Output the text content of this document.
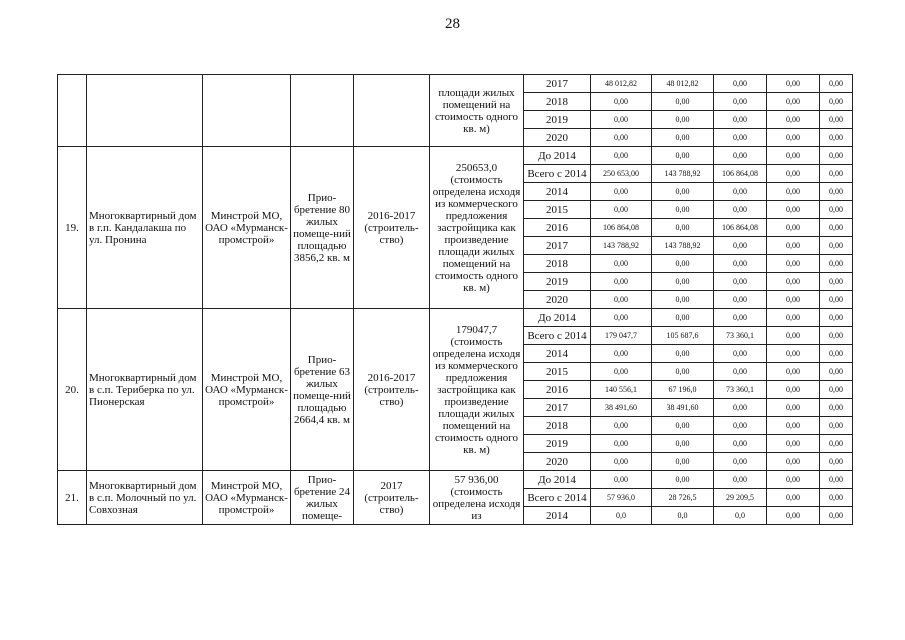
28
					площади жилых помещений на стоимость одного кв. м)	2017	48 012,82	48 012,82	0,00	0,00	0,00	
						2018	0,00	0,00	0,00	0,00	0,00	
						2019	0,00	0,00	0,00	0,00	0,00	
						2020	0,00	0,00	0,00	0,00	0,00	
19.	Многоквартирный дом в г.п. Кандалакша по ул. Пронина	Минстрой МО, ОАО «Мурманск-промстрой»	Прио-бретение 80 жилых помеще-ний площадью 3856,2 кв. м	2016-2017 (строитель-ство)	250653,0 (стоимость определена исходя из коммерческого предложения застройщика как произведение площади жилых помещений на стоимость одного кв. м)	До 2014	0,00	0,00	0,00	0,00	0,00	
						Всего с 2014	250 653,00	143 788,92	106 864,08	0,00	0,00	
						2014	0,00	0,00	0,00	0,00	0,00	
						2015	0,00	0,00	0,00	0,00	0,00	
						2016	106 864,08	0,00	106 864,08	0,00	0,00	
						2017	143 788,92	143 788,92	0,00	0,00	0,00	
						2018	0,00	0,00	0,00	0,00	0,00	
						2019	0,00	0,00	0,00	0,00	0,00	
						2020	0,00	0,00	0,00	0,00	0,00	
20.	Многоквартирный дом в с.п. Териберка по ул. Пионерская	Минстрой МО, ОАО «Мурманск-промстрой»	Прио-бретение 63 жилых помеще-ний площадью 2664,4 кв. м	2016-2017 (строитель-ство)	179047,7 (стоимость определена исходя из коммерческого предложения застройщика как произведение площади жилых помещений на стоимость одного кв. м)	До 2014	0,00	0,00	0,00	0,00	0,00	
						Всего с 2014	179 047,7	105 687,6	73 360,1	0,00	0,00	
						2014	0,00	0,00	0,00	0,00	0,00	
						2015	0,00	0,00	0,00	0,00	0,00	
						2016	140 556,1	67 196,0	73 360,1	0,00	0,00	
						2017	38 491,60	38 491,60	0,00	0,00	0,00	
						2018	0,00	0,00	0,00	0,00	0,00	
						2019	0,00	0,00	0,00	0,00	0,00	
						2020	0,00	0,00	0,00	0,00	0,00	
21.	Многоквартирный дом в с.п. Молочный по ул. Совхозная	Минстрой МО, ОАО «Мурманск-промстрой»	Прио-бретение 24 жилых помеще-	2017 (строитель-ство)	57 936,00 (стоимость определена исходя из	До 2014	0,00	0,00	0,00	0,00	0,00	
						Всего с 2014	57 936,0	28 726,5	29 209,5	0,00	0,00	
						2014	0,0	0,0	0,0	0,00	0,00	
